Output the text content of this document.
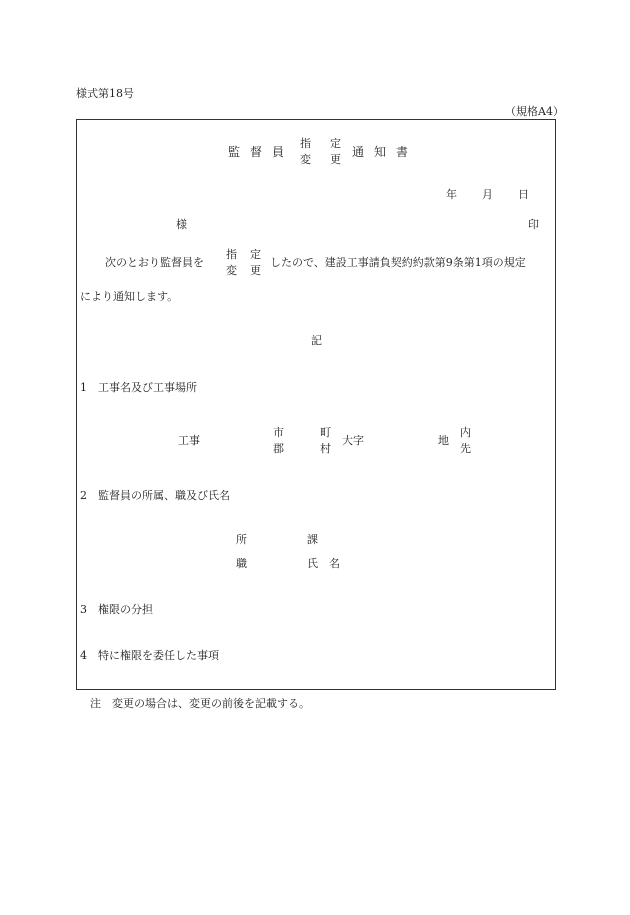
様式第18号
（規格A4）
監督員
指 定
変 更
通知書
年 月 日
様	印
次のとおり監督員を
指 定
変 更
したので、建設工事請負契約約款第9条第1項の規定
により通知します。
記
1　工事名及び工事場所
工事
市
郡
町
村
大字	地
内
先
2　監督員の所属、職及び氏名
所	課
職	氏　名
3　権限の分担
4　特に権限を委任した事項
注　変更の場合は、変更の前後を記載する。
